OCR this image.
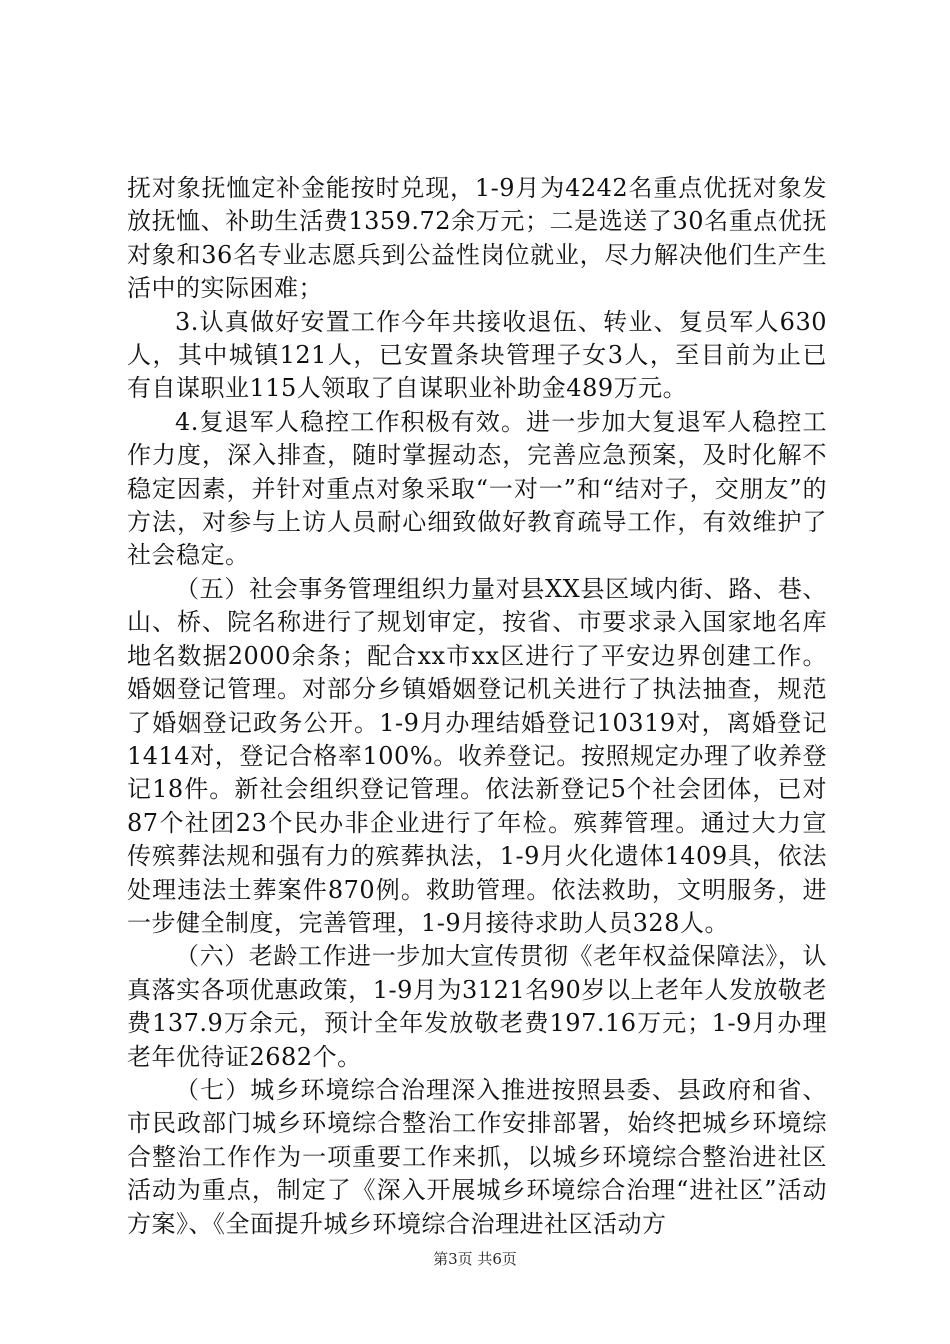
抚对象抚恤定补金能按时兑现，1-9月为4242名重点优抚对象发放抚恤、补助生活费1359.72余万元；二是选送了30名重点优抚对象和36名专业志愿兵到公益性岗位就业，尽力解决他们生产生活中的实际困难；

3.认真做好安置工作今年共接收退伍、转业、复员军人630人，其中城镇121人，已安置条块管理子女3人，至目前为止已有自谋职业115人领取了自谋职业补助金489万元。

4.复退军人稳控工作积极有效。进一步加大复退军人稳控工作力度，深入排查，随时掌握动态，完善应急预案，及时化解不稳定因素，并针对重点对象采取“一对一”和“结对子，交朋友”的方法，对参与上访人员耐心细致做好教育疏导工作，有效维护了社会稳定。

（五）社会事务管理组织力量对县XX县区域内街、路、巷、山、桥、院名称进行了规划审定，按省、市要求录入国家地名库地名数据2000余条；配合xx市xx区进行了平安边界创建工作。婚姻登记管理。对部分乡镇婚姻登记机关进行了执法抽查，规范了婚姻登记政务公开。1-9月办理结婚登记10319对，离婚登记1414对，登记合格率100%。收养登记。按照规定办理了收养登记18件。新社会组织登记管理。依法新登记5个社会团体，已对87个社团23个民办非企业进行了年检。殡葬管理。通过大力宣传殡葬法规和强有力的殡葬执法，1-9月火化遗体1409具，依法处理违法土葬案件870例。救助管理。依法救助，文明服务，进一步健全制度，完善管理，1-9月接待求助人员328人。

（六）老龄工作进一步加大宣传贯彻《老年权益保障法》，认真落实各项优惠政策，1-9月为3121名90岁以上老年人发放敬老费137.9万余元，预计全年发放敬老费197.16万元；1-9月办理老年优待证2682个。

（七）城乡环境综合治理深入推进按照县委、县政府和省、市民政部门城乡环境综合整治工作安排部署，始终把城乡环境综合整治工作作为一项重要工作来抓，以城乡环境综合整治进社区活动为重点，制定了《深入开展城乡环境综合治理“进社区”活动方案》、《全面提升城乡环境综合治理进社区活动方

第3页 共6页
